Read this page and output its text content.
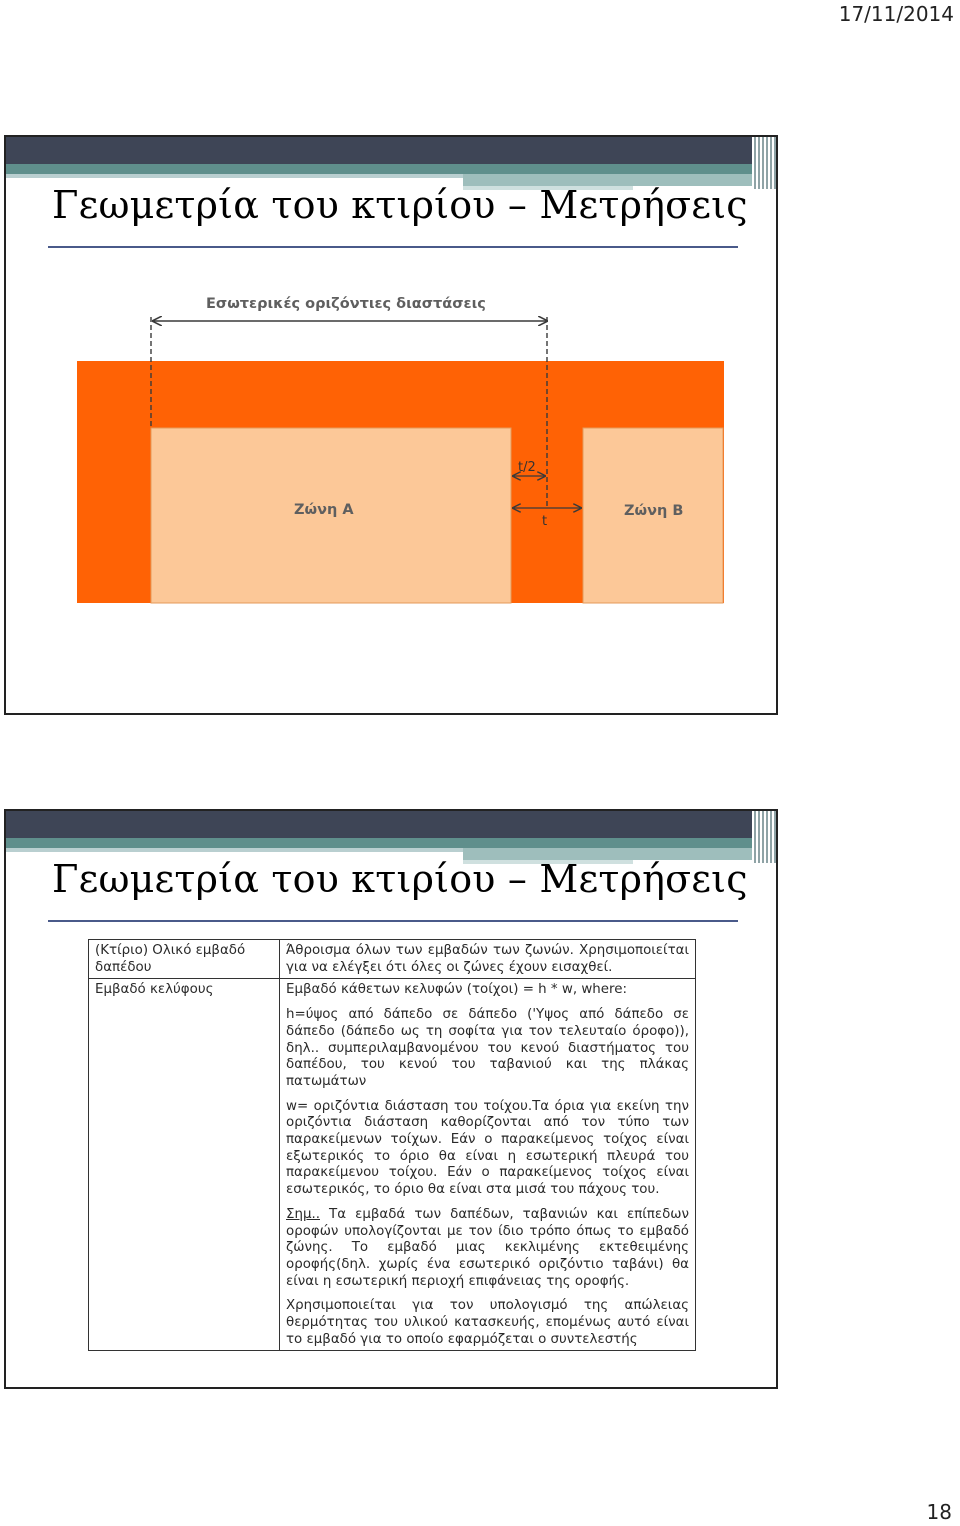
17/11/2014
Γεωμετρία του κτιρίου – Μετρήσεις
Εσωτερικές οριζόντιες διαστάσεις
t/2
t
Ζώνη Α	Ζώνη Β
Γεωμετρία του κτιρίου – Μετρήσεις
(Κτίριο) Ολικό εμβαδό δαπέδου	Άθροισμα όλων των εμβαδών των ζωνών. Χρησιμοποιείται για να ελέγξει ότι όλες οι ζώνες έχουν εισαχθεί.

Εμβαδό κελύφους	Εμβαδό κάθετων κελυφών (τοίχοι) = h * w, where:

h=ύψος από δάπεδο σε δάπεδο ('Υψος από δάπεδο σε δάπεδο (δάπεδο ως τη σοφίτα για τον τελευταίο όροφο)), δηλ.. συμπεριλαμβανομένου του κενού διαστήματος του δαπέδου, του κενού του ταβανιού και της πλάκας πατωμάτων

w= οριζόντια διάσταση του τοίχου.Τα όρια για εκείνη την οριζόντια διάσταση καθορίζονται από τον τύπο των παρακείμενων τοίχων. Εάν ο παρακείμενος τοίχος είναι εξωτερικός το όριο θα είναι η εσωτερική πλευρά του παρακείμενου τοίχου. Εάν ο παρακείμενος τοίχος είναι εσωτερικός, το όριο θα είναι στα μισά του πάχους του.

Σημ.. Τα εμβαδά των δαπέδων, ταβανιών και επίπεδων οροφών υπολογίζονται με τον ίδιο τρόπο όπως το εμβαδό ζώνης. Το εμβαδό μιας κεκλιμένης εκτεθειμένης οροφής(δηλ. χωρίς ένα εσωτερικό οριζόντιο ταβάνι) θα είναι η εσωτερική περιοχή επιφάνειας της οροφής.

Χρησιμοποιείται για τον υπολογισμό της απώλειας θερμότητας του υλικού κατασκευής, επομένως αυτό είναι το εμβαδό για το οποίο εφαρμόζεται ο συντελεστής

18
